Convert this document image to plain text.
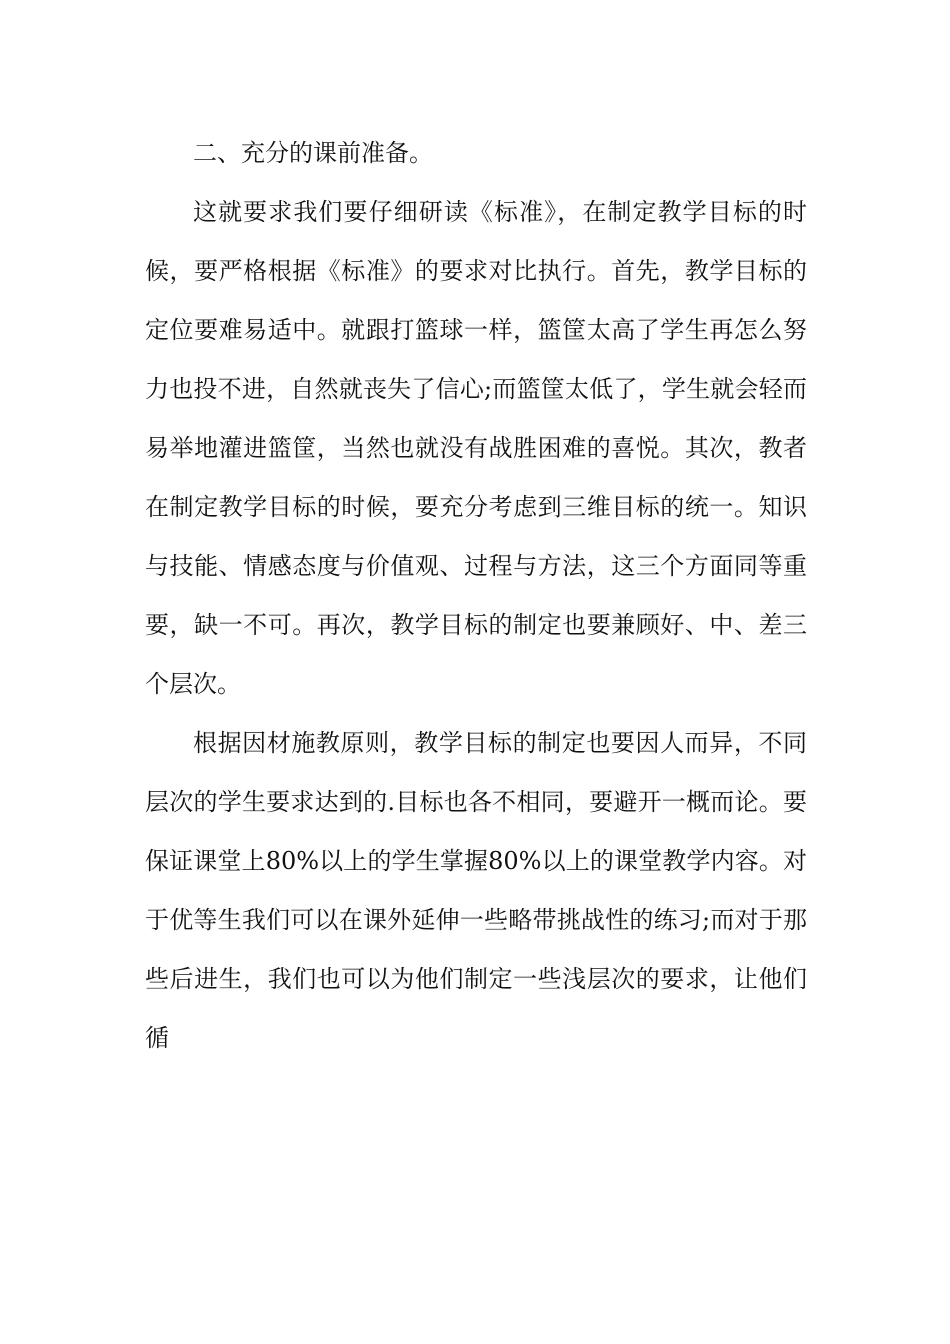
二、充分的课前准备。

这就要求我们要仔细研读《标准》，在制定教学目标的时候，要严格根据《标准》的要求对比执行。首先，教学目标的定位要难易适中。就跟打篮球一样，篮筐太高了学生再怎么努力也投不进，自然就丧失了信心;而篮筐太低了，学生就会轻而易举地灌进篮筐，当然也就没有战胜困难的喜悦。其次，教者在制定教学目标的时候，要充分考虑到三维目标的统一。知识与技能、情感态度与价值观、过程与方法，这三个方面同等重要，缺一不可。再次，教学目标的制定也要兼顾好、中、差三个层次。

根据因材施教原则，教学目标的制定也要因人而异，不同层次的学生要求达到的.目标也各不相同，要避开一概而论。要保证课堂上80%以上的学生掌握80%以上的课堂教学内容。对于优等生我们可以在课外延伸一些略带挑战性的练习;而对于那些后进生，我们也可以为他们制定一些浅层次的要求，让他们循
